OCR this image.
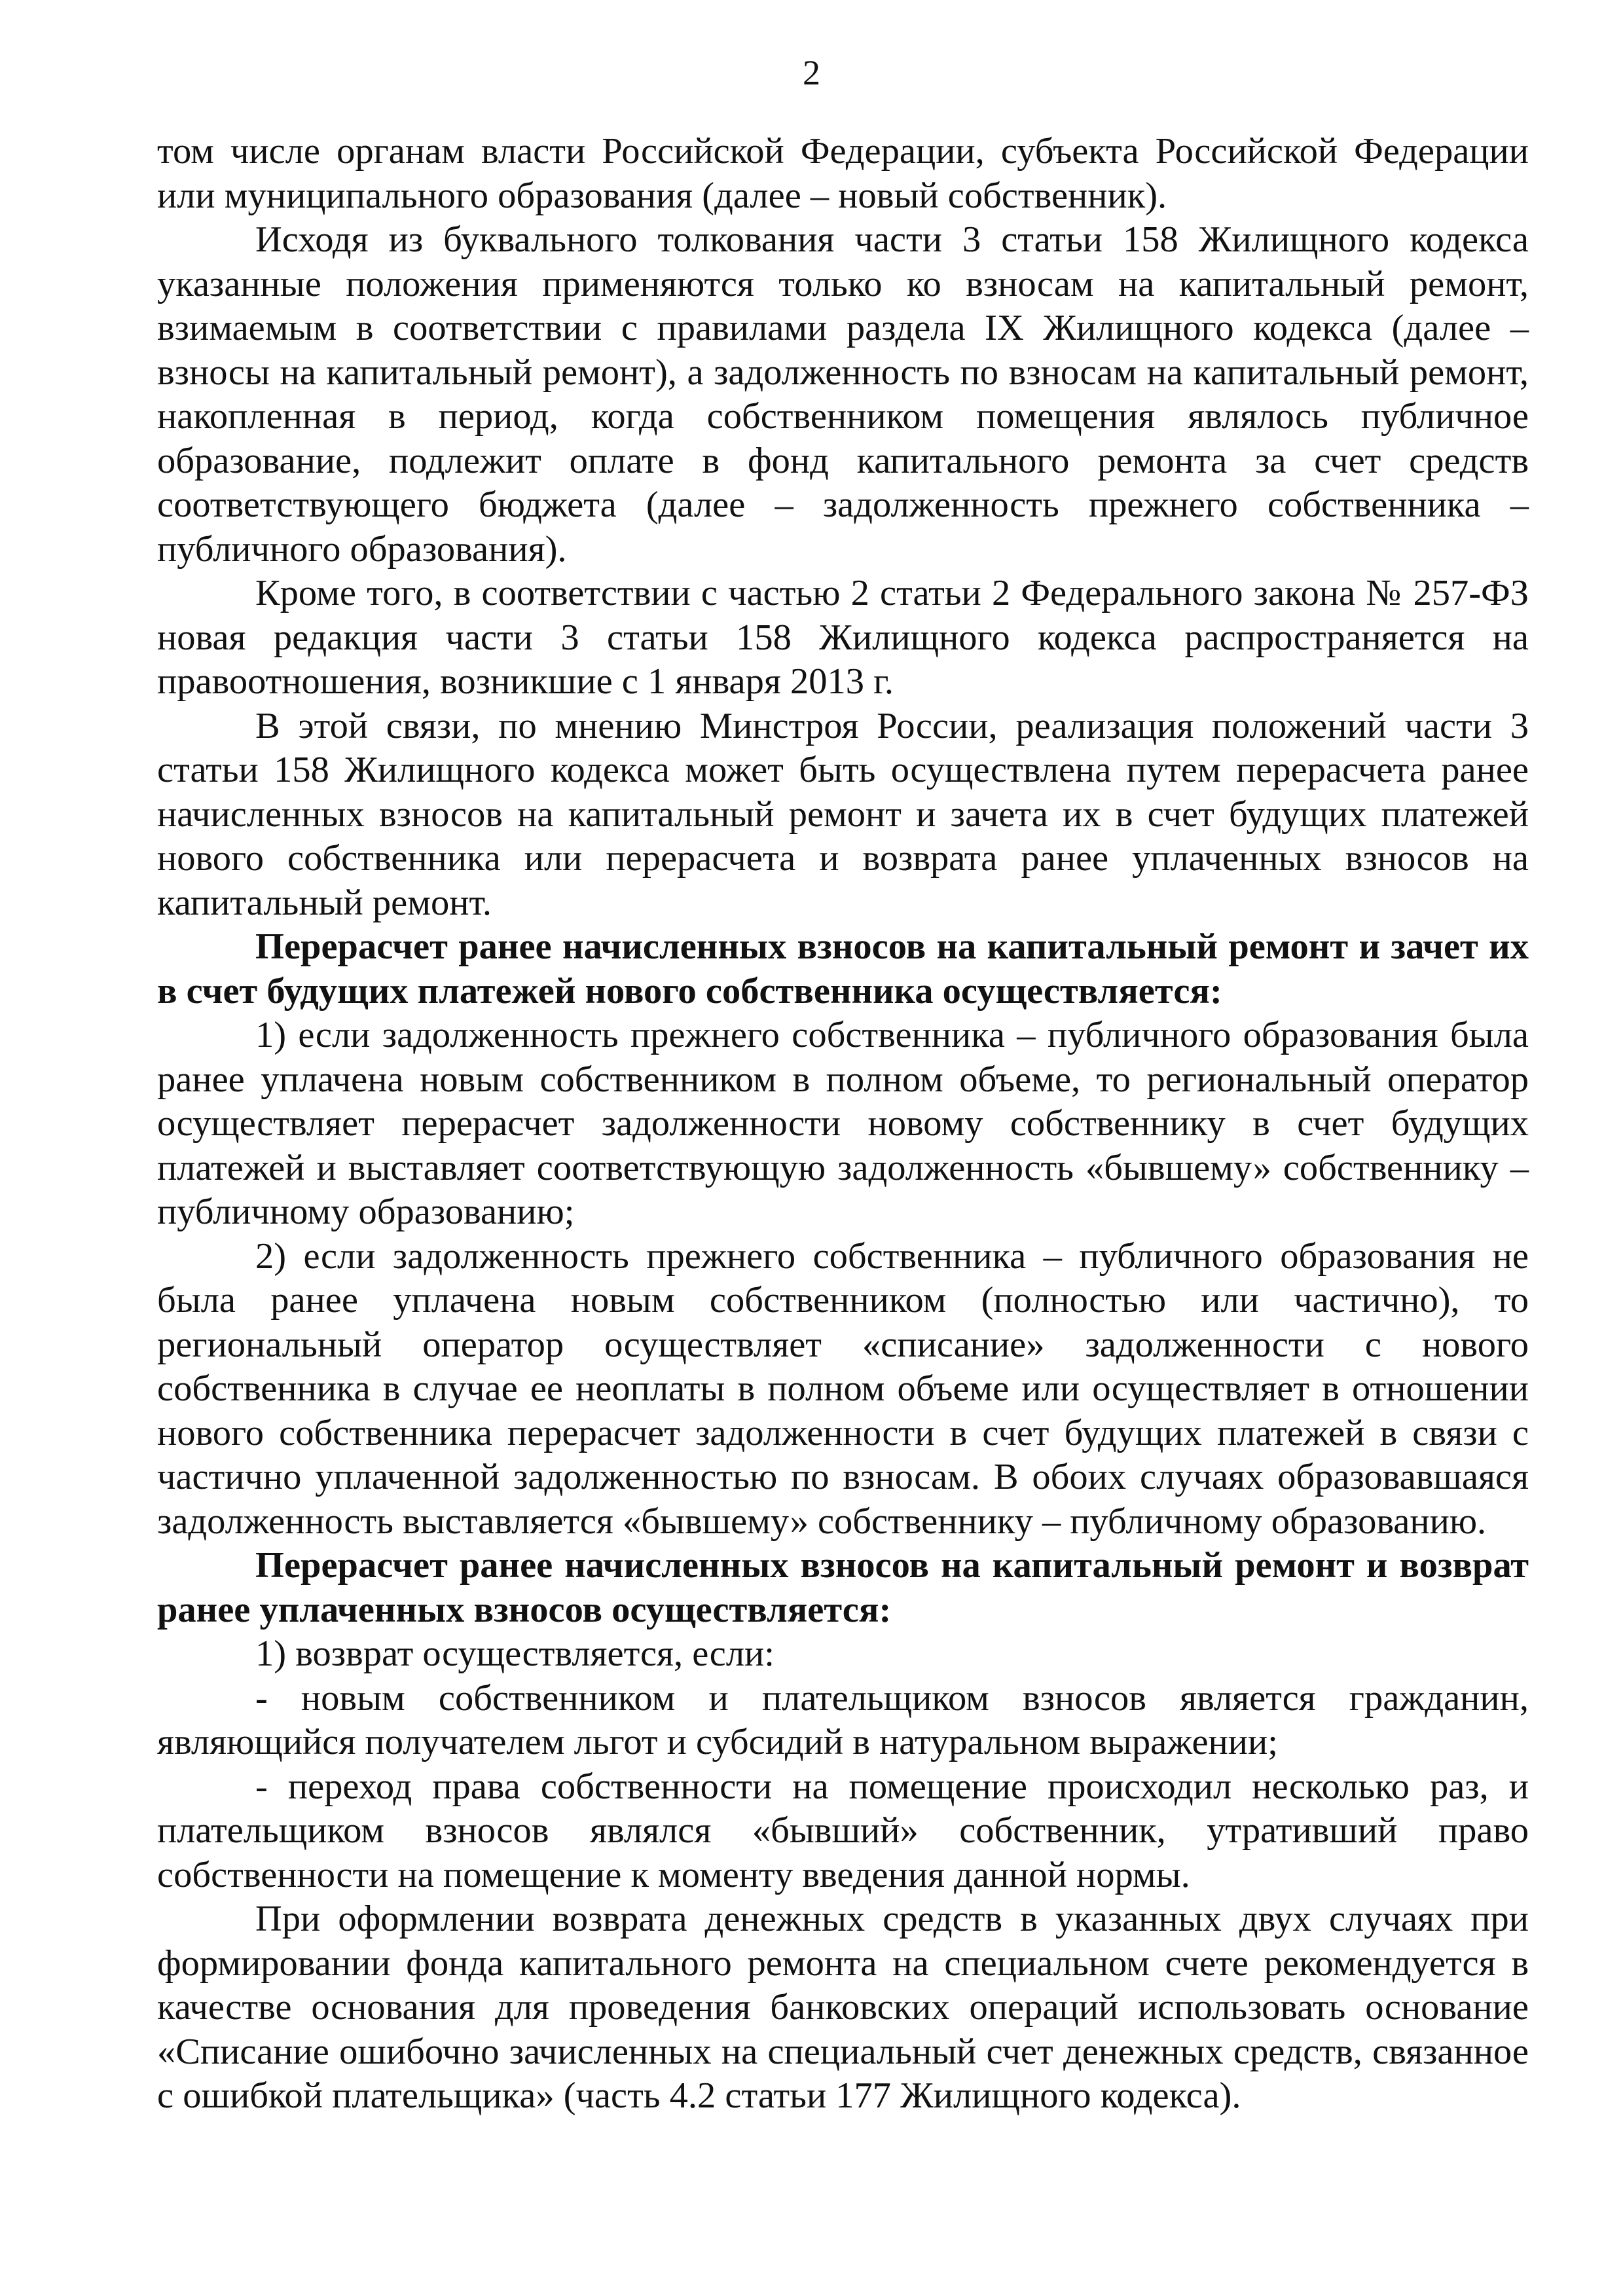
2

том числе органам власти Российской Федерации, субъекта Российской Федерации или муниципального образования (далее – новый собственник).

Исходя из буквального толкования части 3 статьи 158 Жилищного кодекса указанные положения применяются только ко взносам на капитальный ремонт, взимаемым в соответствии с правилами раздела IX Жилищного кодекса (далее – взносы на капитальный ремонт), а задолженность по взносам на капитальный ремонт, накопленная в период, когда собственником помещения являлось публичное образование, подлежит оплате в фонд капитального ремонта за счет средств соответствующего бюджета (далее – задолженность прежнего собственника – публичного образования).

Кроме того, в соответствии с частью 2 статьи 2 Федерального закона № 257-ФЗ новая редакция части 3 статьи 158 Жилищного кодекса распространяется на правоотношения, возникшие с 1 января 2013 г.

В этой связи, по мнению Минстроя России, реализация положений части 3 статьи 158 Жилищного кодекса может быть осуществлена путем перерасчета ранее начисленных взносов на капитальный ремонт и зачета их в счет будущих платежей нового собственника или перерасчета и возврата ранее уплаченных взносов на капитальный ремонт.

Перерасчет ранее начисленных взносов на капитальный ремонт и зачет их в счет будущих платежей нового собственника осуществляется:

1) если задолженность прежнего собственника – публичного образования была ранее уплачена новым собственником в полном объеме, то региональный оператор осуществляет перерасчет задолженности новому собственнику в счет будущих платежей и выставляет соответствующую задолженность «бывшему» собственнику – публичному образованию;

2) если задолженность прежнего собственника – публичного образования не была ранее уплачена новым собственником (полностью или частично), то региональный оператор осуществляет «списание» задолженности с нового собственника в случае ее неоплаты в полном объеме или осуществляет в отношении нового собственника перерасчет задолженности в счет будущих платежей в связи с частично уплаченной задолженностью по взносам. В обоих случаях образовавшаяся задолженность выставляется «бывшему» собственнику – публичному образованию.

Перерасчет ранее начисленных взносов на капитальный ремонт и возврат ранее уплаченных взносов осуществляется:

1) возврат осуществляется, если:

- новым собственником и плательщиком взносов является гражданин, являющийся получателем льгот и субсидий в натуральном выражении;

- переход права собственности на помещение происходил несколько раз, и плательщиком взносов являлся «бывший» собственник, утративший право собственности на помещение к моменту введения данной нормы.

При оформлении возврата денежных средств в указанных двух случаях при формировании фонда капитального ремонта на специальном счете рекомендуется в качестве основания для проведения банковских операций использовать основание «Списание ошибочно зачисленных на специальный счет денежных средств, связанное с ошибкой плательщика» (часть 4.2 статьи 177 Жилищного кодекса).
